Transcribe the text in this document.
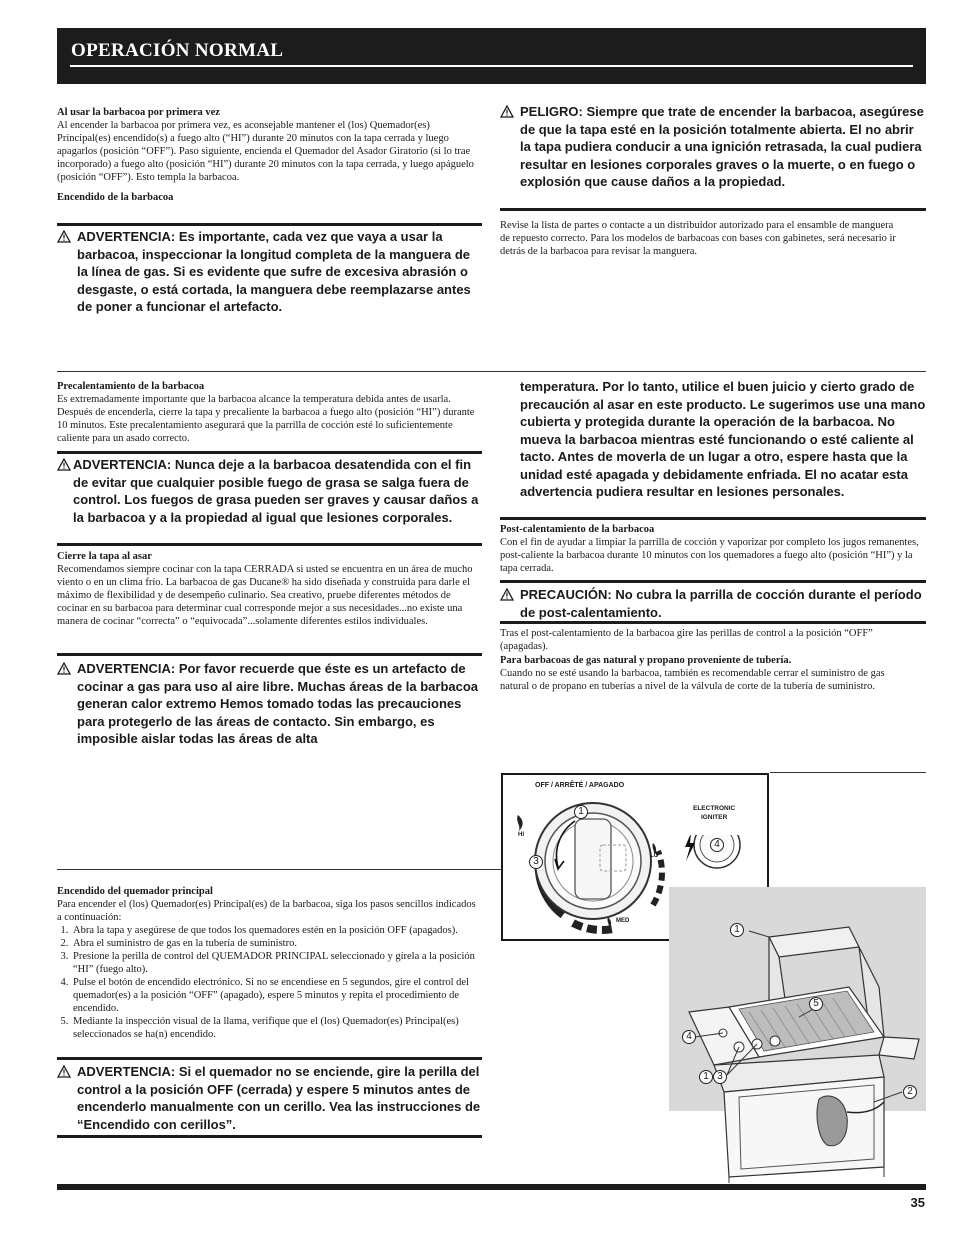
OPERACIÓN NORMAL
Al usar la barbacoa por primera vez
Al encender la barbacoa por primera vez, es aconsejable mantener el (los) Quemador(es) Principal(es) encendido(s) a fuego alto (“HI”) durante 20 minutos con la tapa cerrada y luego apagarlos (posición “OFF”). Paso siguiente, encienda el Quemador del Asador Giratorio (si lo trae incorporado) a fuego alto (posición “HI”) durante 20 minutos con la tapa cerrada, y luego apáguelo (posición “OFF”). Esto templa la barbacoa.
Encendido de la barbacoa
ADVERTENCIA: Es importante, cada vez que vaya a usar la barbacoa, inspeccionar la longitud completa de la manguera de la línea de gas. Si es evidente que sufre de excesiva abrasión o desgaste, o está cortada, la manguera debe reemplazarse antes de poner a funcionar el artefacto.
PELIGRO: Siempre que trate de encender la barbacoa, asegúrese de que la tapa esté en la posición totalmente abierta. El no abrir la tapa pudiera conducir a una ignición retrasada, la cual pudiera resultar en lesiones corporales graves o la muerte, o en fuego o explosión que cause daños a la propiedad.
Revise la lista de partes o contacte a un distribuidor autorizado para el ensamble de manguera de repuesto correcto. Para los modelos de barbacoas con bases con gabinetes, será necesario ir detrás de la barbacoa para revisar la manguera.
Precalentamiento de la barbacoa
Es extremadamente importante que la barbacoa alcance la temperatura debida antes de usarla. Después de encenderla, cierre la tapa y precaliente la barbacoa a fuego alto (posición “HI”) durante 10 minutos. Este precalentamiento asegurará que la parrilla de cocción esté lo suficientemente caliente para un asado correcto.
ADVERTENCIA: Nunca deje a la barbacoa desatendida con el fin de evitar que cualquier posible fuego de grasa se salga fuera de control. Los fuegos de grasa pueden ser graves y causar daños a la barbacoa y a la propiedad al igual que lesiones corporales.
Cierre la tapa al asar
Recomendamos siempre cocinar con la tapa CERRADA si usted se encuentra en un área de mucho viento o en un clima frío. La barbacoa de gas Ducane® ha sido diseñada y construida para darle el máximo de flexibilidad y de desempeño culinario. Sea creativo, pruebe diferentes métodos de cocinar en su barbacoa para determinar cual corresponde mejor a sus necesidades...no existe una manera de cocinar “correcta” o “equivocada”...solamente diferentes estilos individuales.
ADVERTENCIA: Por favor recuerde que éste es un artefacto de cocinar a gas para uso al aire libre. Muchas áreas de la barbacoa generan calor extremo Hemos tomado todas las precauciones para protegerlo de las áreas de contacto. Sin embargo, es imposible aislar todas las áreas de alta
temperatura. Por lo tanto, utilice el buen juicio y cierto grado de precaución al asar en este producto. Le sugerimos use una mano cubierta y protegida durante la operación de la barbacoa. No mueva la barbacoa mientras esté funcionando o esté caliente al tacto. Antes de moverla de un lugar a otro, espere hasta que la unidad esté apagada y debidamente enfriada. El no acatar esta advertencia pudiera resultar en lesiones personales.
Post-calentamiento de la barbacoa
Con el fin de ayudar a limpiar la parrilla de cocción y vaporizar por completo los jugos remanentes, post-caliente la barbacoa durante 10 minutos con los quemadores a fuego alto (posición “HI”) y la tapa cerrada.
PRECAUCIÓN: No cubra la parrilla de cocción durante el período de post-calentamiento.
Tras el post-calentamiento de la barbacoa gire las perillas de control a la posición “OFF” (apagadas).
Para barbacoas de gas natural y propano proveniente de tubería.
Cuando no se esté usando la barbacoa, también es recomendable cerrar el suministro de gas natural o de propano en tuberías a nivel de la válvula de corte de la tubería de suministro.
OFF / ARRÊTÉ / APAGADO
HI
LO
MED
ELECTRONIC
IGNITER
1
3
4
1
5
4
1 3
2
Encendido del quemador principal
Para encender el (los) Quemador(es) Principal(es) de la barbacoa, siga los pasos sencillos indicados a continuación:
1. Abra la tapa y asegúrese de que todos los quemadores estén en la posición OFF (apagados).
2. Abra el suministro de gas en la tubería de suministro.
3. Presione la perilla de control del QUEMADOR PRINCIPAL seleccionado y gírela a la posición “HI” (fuego alto).
4. Pulse el botón de encendido electrónico. Si no se encendiese en 5 segundos, gire el control del quemador(es) a la posición “OFF” (apagado), espere 5 minutos y repita el procedimiento de encendido.
5. Mediante la inspección visual de la llama, verifique que el (los) Quemador(es) Principal(es) seleccionados se ha(n) encendido.
ADVERTENCIA: Si el quemador no se enciende, gire la perilla del control a la posición OFF (cerrada) y espere 5 minutos antes de encenderlo manualmente con un cerillo. Vea las instrucciones de “Encendido con cerillos”.
35
